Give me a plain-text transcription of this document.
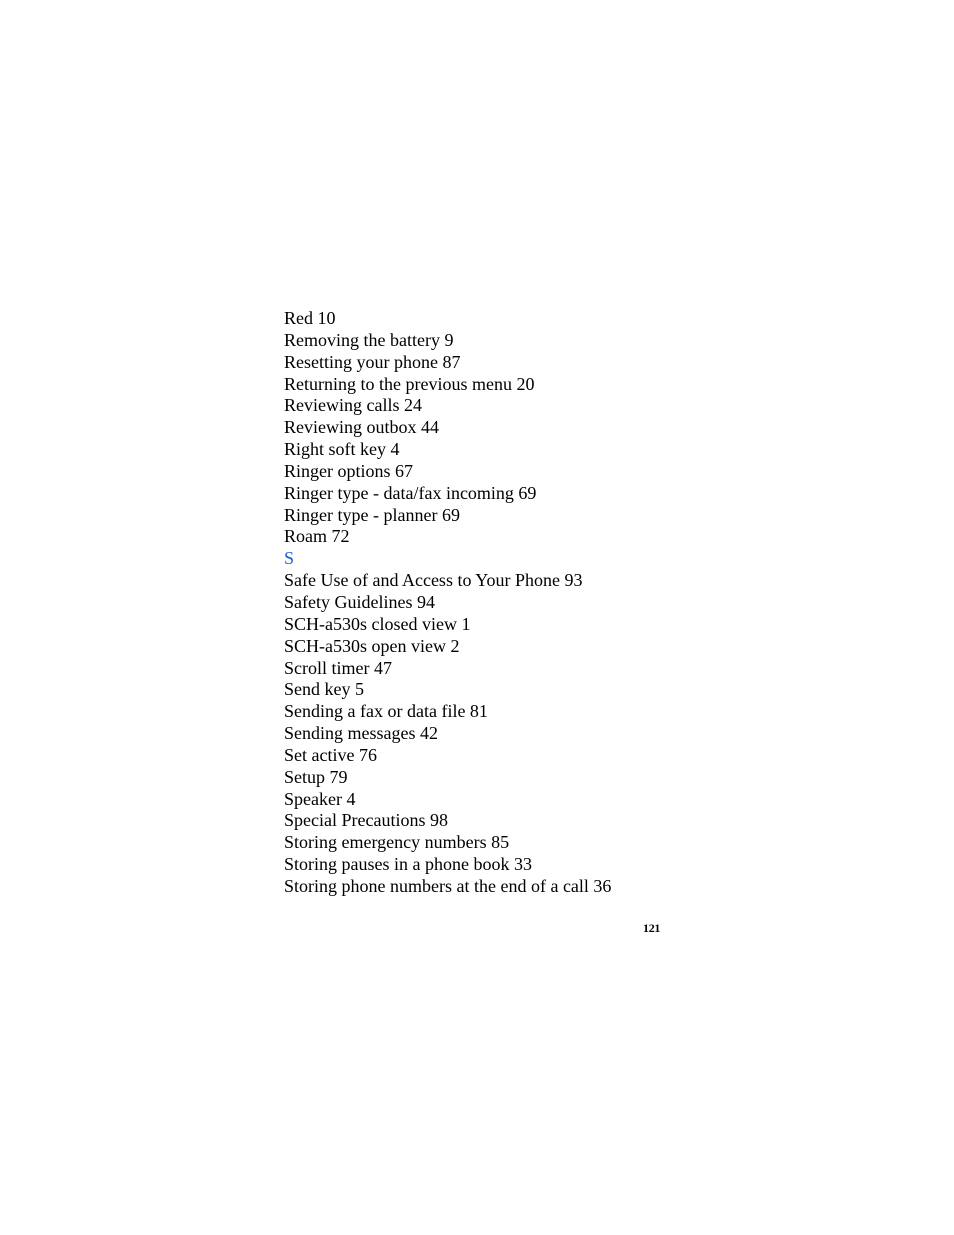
Red 10
Removing the battery 9
Resetting your phone 87
Returning to the previous menu 20
Reviewing calls 24
Reviewing outbox 44
Right soft key 4
Ringer options 67
Ringer type - data/fax incoming 69
Ringer type - planner 69
Roam 72
S
Safe Use of and Access to Your Phone 93
Safety Guidelines 94
SCH-a530s closed view 1
SCH-a530s open view 2
Scroll timer 47
Send key 5
Sending a fax or data file 81
Sending messages 42
Set active 76
Setup 79
Speaker 4
Special Precautions 98
Storing emergency numbers 85
Storing pauses in a phone book 33
Storing phone numbers at the end of a call 36
121
